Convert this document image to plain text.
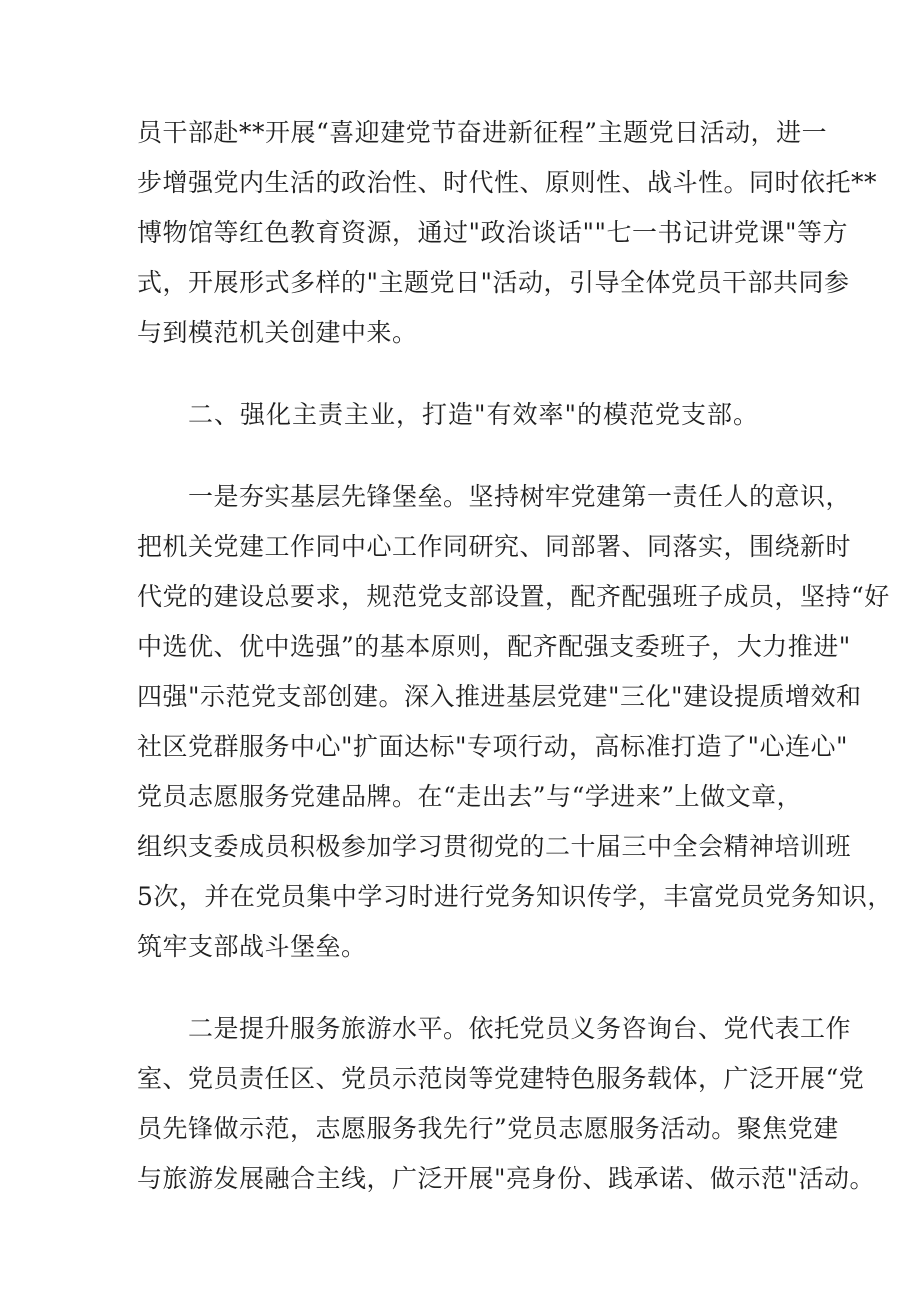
员干部赴**开展“喜迎建党节奋进新征程”主题党日活动，进一
步增强党内生活的政治性、时代性、原则性、战斗性。同时依托**
博物馆等红色教育资源，通过"政治谈话""七一书记讲党课"等方
式，开展形式多样的"主题党日"活动，引导全体党员干部共同参
与到模范机关创建中来。
二、强化主责主业，打造"有效率"的模范党支部。
一是夯实基层先锋堡垒。坚持树牢党建第一责任人的意识，
把机关党建工作同中心工作同研究、同部署、同落实，围绕新时
代党的建设总要求，规范党支部设置，配齐配强班子成员，坚持“好
中选优、优中选强”的基本原则，配齐配强支委班子，大力推进"
四强"示范党支部创建。深入推进基层党建"三化"建设提质增效和
社区党群服务中心"扩面达标"专项行动，高标准打造了"心连心"
党员志愿服务党建品牌。在“走出去”与“学进来”上做文章，
组织支委成员积极参加学习贯彻党的二十届三中全会精神培训班
5次，并在党员集中学习时进行党务知识传学，丰富党员党务知识，
筑牢支部战斗堡垒。
二是提升服务旅游水平。依托党员义务咨询台、党代表工作
室、党员责任区、党员示范岗等党建特色服务载体，广泛开展“党
员先锋做示范，志愿服务我先行”党员志愿服务活动。聚焦党建
与旅游发展融合主线，广泛开展"亮身份、践承诺、做示范"活动。
